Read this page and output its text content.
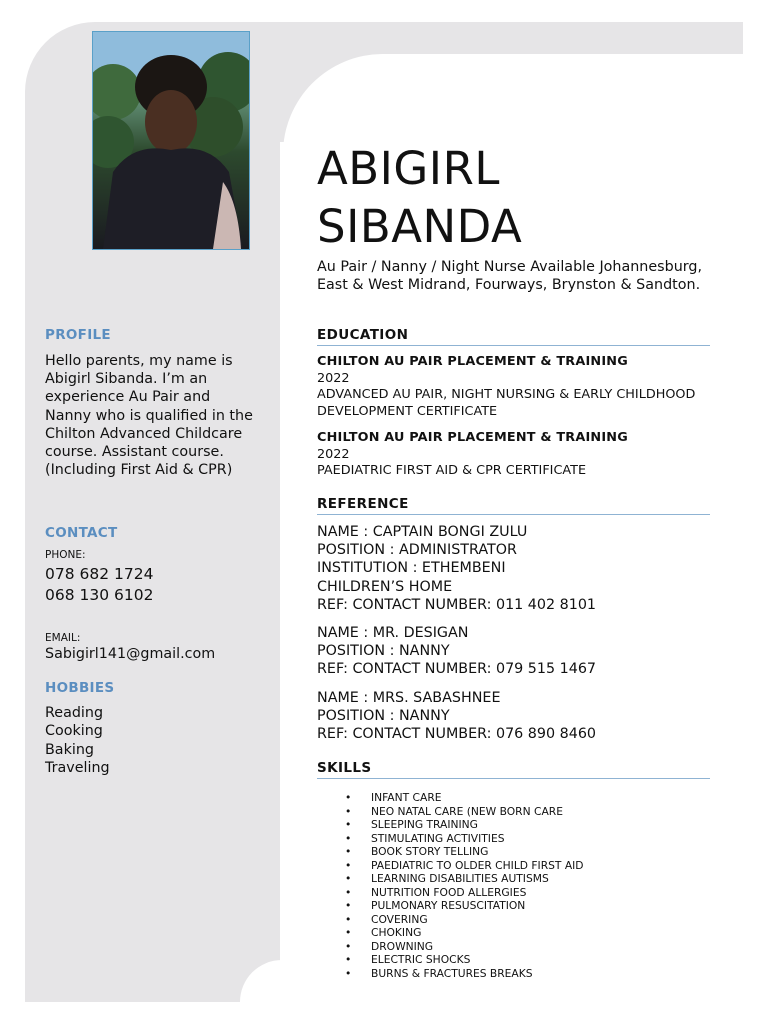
PROFILE
Hello parents, my name is Abigirl Sibanda. I’m an experience Au Pair and Nanny who is qualified in the Chilton Advanced Childcare course. Assistant course. (Including First Aid & CPR)
CONTACT
PHONE:
078 682 1724
068 130 6102
EMAIL:
Sabigirl141@gmail.com
HOBBIES
Reading
Cooking
Baking
Traveling
ABIGIRL
SIBANDA
Au Pair / Nanny / Night Nurse Available Johannesburg, East & West Midrand, Fourways, Brynston & Sandton.
EDUCATION
CHILTON AU PAIR PLACEMENT & TRAINING
2022
ADVANCED AU PAIR, NIGHT NURSING & EARLY CHILDHOOD DEVELOPMENT CERTIFICATE
CHILTON AU PAIR PLACEMENT & TRAINING
2022
PAEDIATRIC FIRST AID & CPR CERTIFICATE
REFERENCE
NAME : CAPTAIN BONGI ZULU
POSITION : ADMINISTRATOR
INSTITUTION : ETHEMBENI
CHILDREN’S HOME
REF: CONTACT NUMBER: 011 402 8101
NAME : MR. DESIGAN
POSITION : NANNY
REF: CONTACT NUMBER: 079 515 1467
NAME : MRS. SABASHNEE
POSITION : NANNY
REF: CONTACT NUMBER: 076 890 8460
SKILLS
• INFANT CARE
• NEO NATAL CARE (NEW BORN CARE
• SLEEPING TRAINING
• STIMULATING ACTIVITIES
• BOOK STORY TELLING
• PAEDIATRIC TO OLDER CHILD FIRST AID
• LEARNING DISABILITIES AUTISMS
• NUTRITION FOOD ALLERGIES
• PULMONARY RESUSCITATION
• COVERING
• CHOKING
• DROWNING
• ELECTRIC SHOCKS
• BURNS & FRACTURES BREAKS
